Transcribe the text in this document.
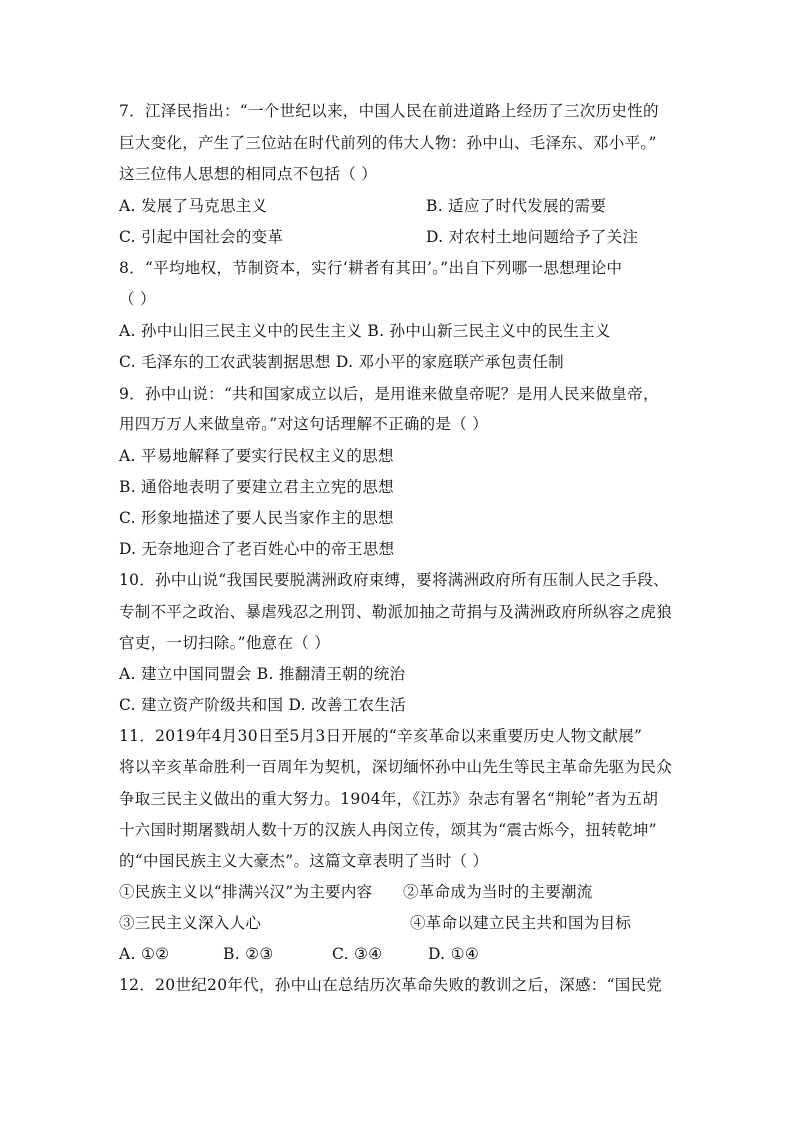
7．江泽民指出：“一个世纪以来，中国人民在前进道路上经历了三次历史性的
巨大变化，产生了三位站在时代前列的伟大人物：孙中山、毛泽东、邓小平。”
这三位伟人思想的相同点不包括（ ）
A. 发展了马克思主义	B. 适应了时代发展的需要
C. 引起中国社会的变革	D. 对农村土地问题给予了关注
8．“平均地权，节制资本，实行‘耕者有其田’。”出自下列哪一思想理论中
（ ）
A. 孙中山旧三民主义中的民生主义 B. 孙中山新三民主义中的民生主义
C. 毛泽东的工农武装割据思想 D. 邓小平的家庭联产承包责任制
9．孙中山说：“共和国家成立以后，是用谁来做皇帝呢？是用人民来做皇帝，
用四万万人来做皇帝。”对这句话理解不正确的是（ ）
A. 平易地解释了要实行民权主义的思想
B. 通俗地表明了要建立君主立宪的思想
C. 形象地描述了要人民当家作主的思想
D. 无奈地迎合了老百姓心中的帝王思想
10．孙中山说“我国民要脱满洲政府束缚，要将满洲政府所有压制人民之手段、
专制不平之政治、暴虐残忍之刑罚、勒派加抽之苛捐与及满洲政府所纵容之虎狼
官吏，一切扫除。”他意在（ ）
A. 建立中国同盟会 B. 推翻清王朝的统治
C. 建立资产阶级共和国 D. 改善工农生活
11．2019年4月30日至5月3日开展的“辛亥革命以来重要历史人物文献展”
将以辛亥革命胜利一百周年为契机，深切缅怀孙中山先生等民主革命先驱为民众
争取三民主义做出的重大努力。1904年，《江苏》杂志有署名“荆轮”者为五胡
十六国时期屠戮胡人数十万的汉族人冉闵立传，颂其为“震古烁今，扭转乾坤”
的“中国民族主义大豪杰”。这篇文章表明了当时（ ）
①民族主义以“排满兴汉”为主要内容 ②革命成为当时的主要潮流
③三民主义深入人心	④革命以建立民主共和国为目标
A. ①②	B. ②③	C. ③④	D. ①④
12．20世纪20年代，孙中山在总结历次革命失败的教训之后，深感：“国民党
